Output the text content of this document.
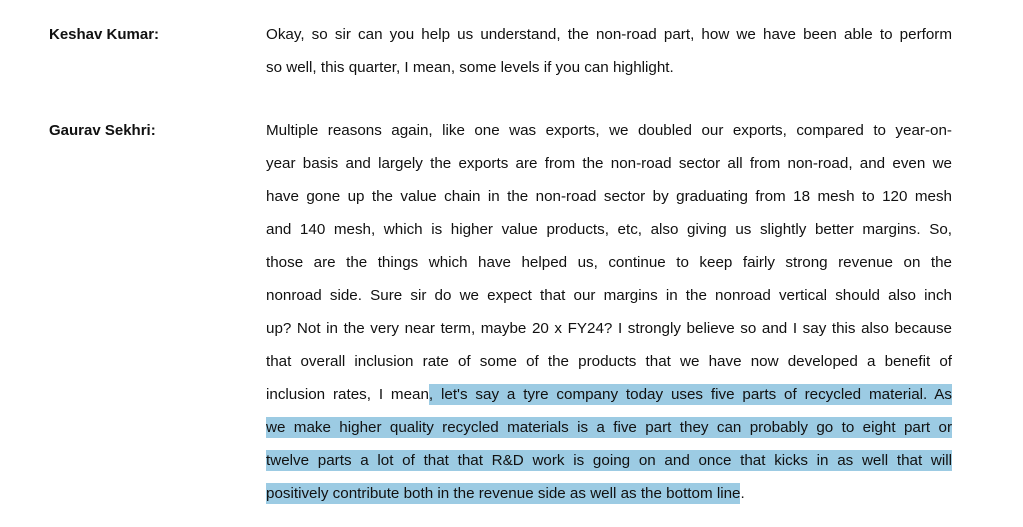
Keshav Kumar:	Okay, so sir can you help us understand, the non-road part, how we have been able to perform
so well, this quarter, I mean, some levels if you can highlight.
Gaurav Sekhri:	Multiple reasons again, like one was exports, we doubled our exports, compared to year-on-
year basis and largely the exports are from the non-road sector all from non-road, and even we
have gone up the value chain in the non-road sector by graduating from 18 mesh to 120 mesh
and 140 mesh, which is higher value products, etc, also giving us slightly better margins. So,
those are the things which have helped us, continue to keep fairly strong revenue on the
nonroad side. Sure sir do we expect that our margins in the nonroad vertical should also inch
up? Not in the very near term, maybe 20 x FY24? I strongly believe so and I say this also because
that overall inclusion rate of some of the products that we have now developed a benefit of
inclusion rates, I mean, let's say a tyre company today uses five parts of recycled material. As
we make higher quality recycled materials is a five part they can probably go to eight part or
twelve parts a lot of that that R&D work is going on and once that kicks in as well that will
positively contribute both in the revenue side as well as the bottom line.
